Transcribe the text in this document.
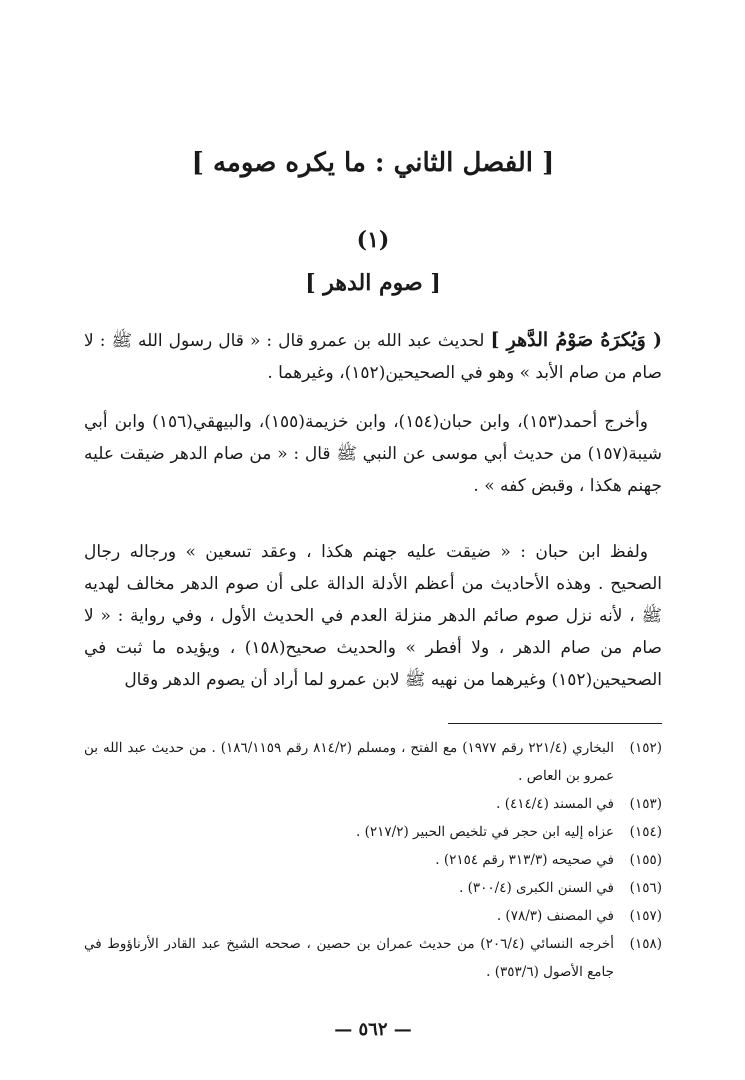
[ الفصل الثاني : ما يكره صومه ]
(١)
[ صوم الدهر ]

( وَيُكرَهُ صَوْمُ الدَّهرِ ] لحديث عبد الله بن عمرو قال : « قال رسول الله ﷺ : لا صام من صام الأبد » وهو في الصحيحين(١٥٢)، وغيرهما .

وأخرج أحمد(١٥٣)، وابن حبان(١٥٤)، وابن خزيمة(١٥٥)، والبيهقي(١٥٦) وابن أبي شيبة(١٥٧) من حديث أبي موسى عن النبي ﷺ قال : « من صام الدهر ضيقت عليه جهنم هكذا ، وقبض كفه » .

ولفظ ابن حبان : « ضيقت عليه جهنم هكذا ، وعقد تسعين » ورجاله رجال الصحيح . وهذه الأحاديث من أعظم الأدلة الدالة على أن صوم الدهر مخالف لهديه ﷺ ، لأنه نزل صوم صائم الدهر منزلة العدم في الحديث الأول ، وفي رواية : « لا صام من صام الدهر ، ولا أفطر » والحديث صحيح(١٥٨) ، ويؤيده ما ثبت في الصحيحين(١٥٢) وغيرهما من نهيه ﷺ لابن عمرو لما أراد أن يصوم الدهر وقال

(١٥٢)
البخاري (٢٢١/٤ رقم ١٩٧٧) مع الفتح ، ومسلم (٨١٤/٢ رقم ١٨٦/١١٥٩) . من حديث عبد الله بن عمرو بن العاص .
(١٥٣)
في المسند (٤١٤/٤) .
(١٥٤)
عزاه إليه ابن حجر في تلخيص الحبير (٢١٧/٢) .
(١٥٥)
في صحيحه (٣١٣/٣ رقم ٢١٥٤) .
(١٥٦)
في السنن الكبرى (٣٠٠/٤) .
(١٥٧)
في المصنف (٧٨/٣) .
(١٥٨)
أخرجه النسائي (٢٠٦/٤) من حديث عمران بن حصين ، صححه الشيخ عبد القادر الأرناؤوط في جامع الأصول (٣٥٣/٦) .
— ٥٦٢ —
